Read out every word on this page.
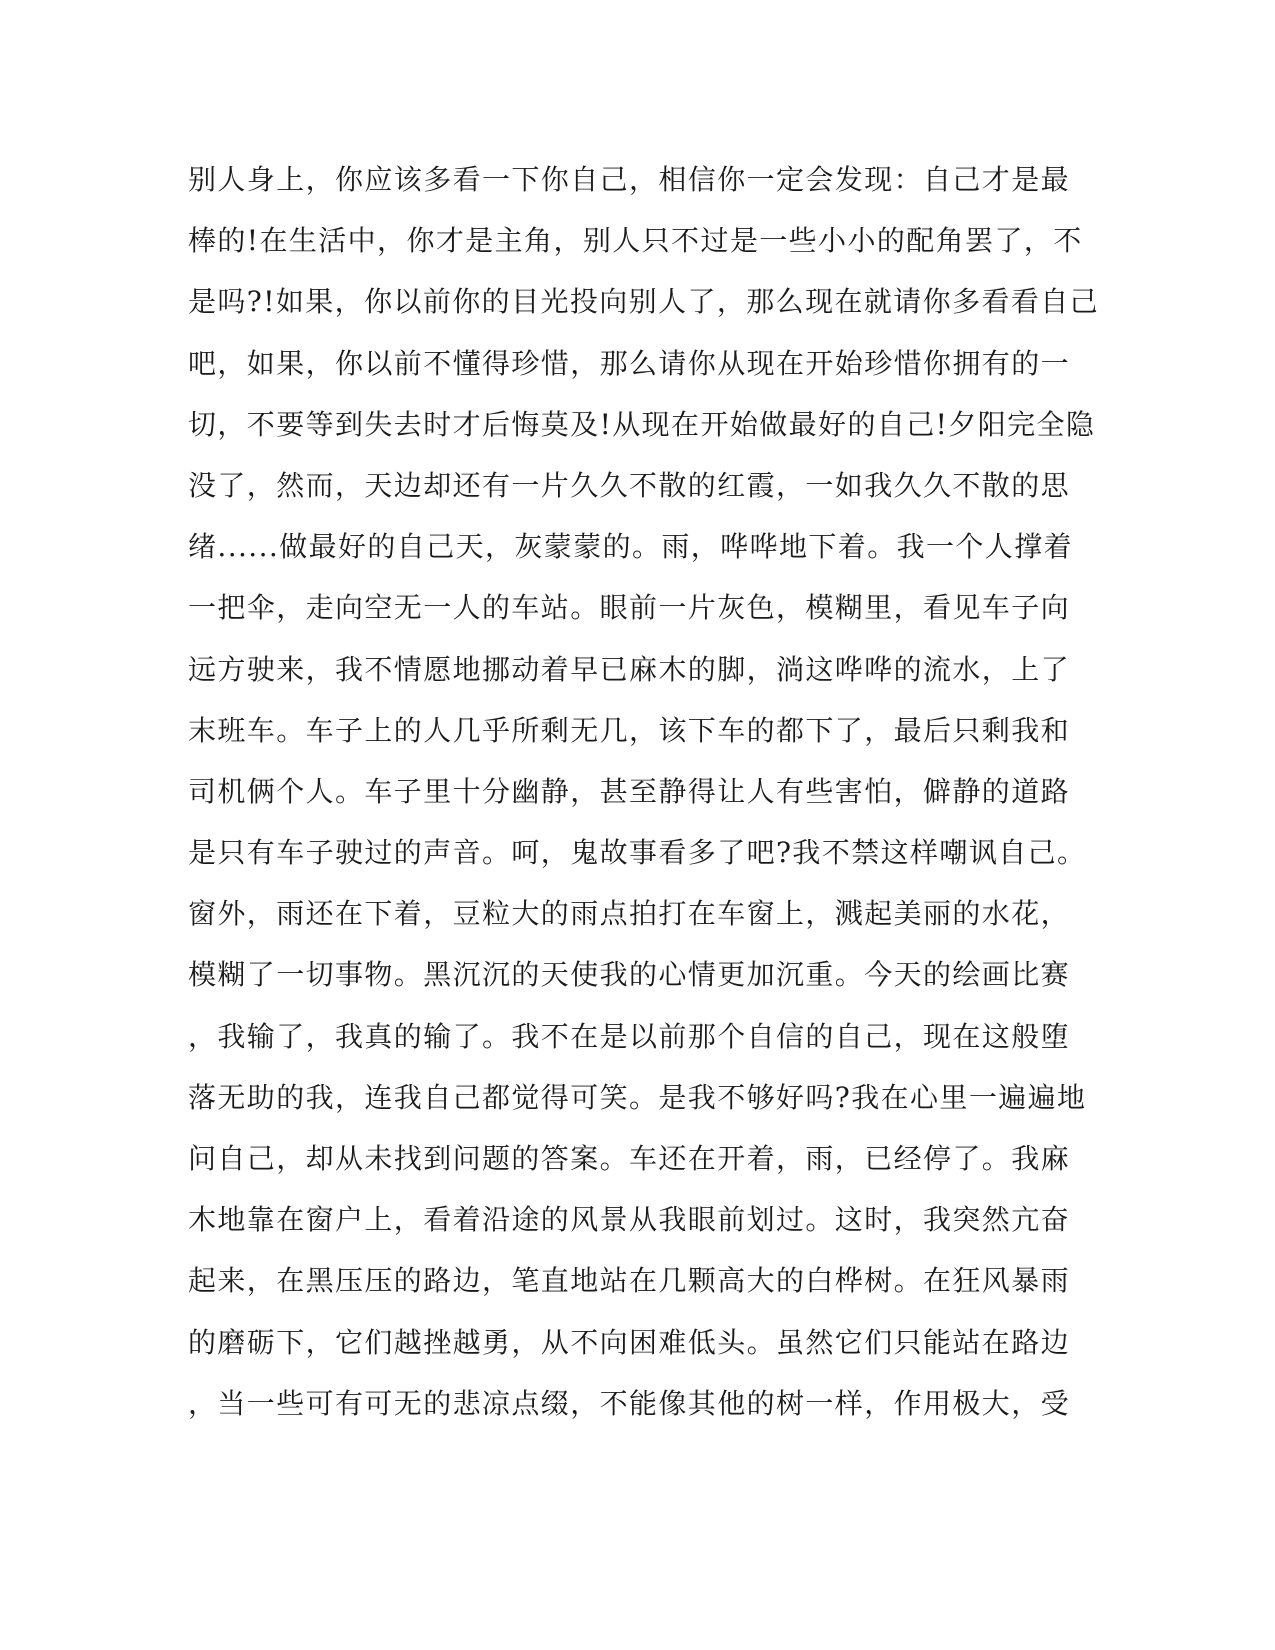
别人身上，你应该多看一下你自己，相信你一定会发现：自己才是最
棒的!在生活中，你才是主角，别人只不过是一些小小的配角罢了，不
是吗?!如果，你以前你的目光投向别人了，那么现在就请你多看看自己
吧，如果，你以前不懂得珍惜，那么请你从现在开始珍惜你拥有的一
切，不要等到失去时才后悔莫及!从现在开始做最好的自己!夕阳完全隐
没了，然而，天边却还有一片久久不散的红霞，一如我久久不散的思
绪......做最好的自己天，灰蒙蒙的。雨，哗哗地下着。我一个人撑着
一把伞，走向空无一人的车站。眼前一片灰色，模糊里，看见车子向
远方驶来，我不情愿地挪动着早已麻木的脚，淌这哗哗的流水，上了
末班车。车子上的人几乎所剩无几，该下车的都下了，最后只剩我和
司机俩个人。车子里十分幽静，甚至静得让人有些害怕，僻静的道路
是只有车子驶过的声音。呵，鬼故事看多了吧?我不禁这样嘲讽自己。
窗外，雨还在下着，豆粒大的雨点拍打在车窗上，溅起美丽的水花，
模糊了一切事物。黑沉沉的天使我的心情更加沉重。今天的绘画比赛
，我输了，我真的输了。我不在是以前那个自信的自己，现在这般堕
落无助的我，连我自己都觉得可笑。是我不够好吗?我在心里一遍遍地
问自己，却从未找到问题的答案。车还在开着，雨，已经停了。我麻
木地靠在窗户上，看着沿途的风景从我眼前划过。这时，我突然亢奋
起来，在黑压压的路边，笔直地站在几颗高大的白桦树。在狂风暴雨
的磨砺下，它们越挫越勇，从不向困难低头。虽然它们只能站在路边
，当一些可有可无的悲凉点缀，不能像其他的树一样，作用极大，受
